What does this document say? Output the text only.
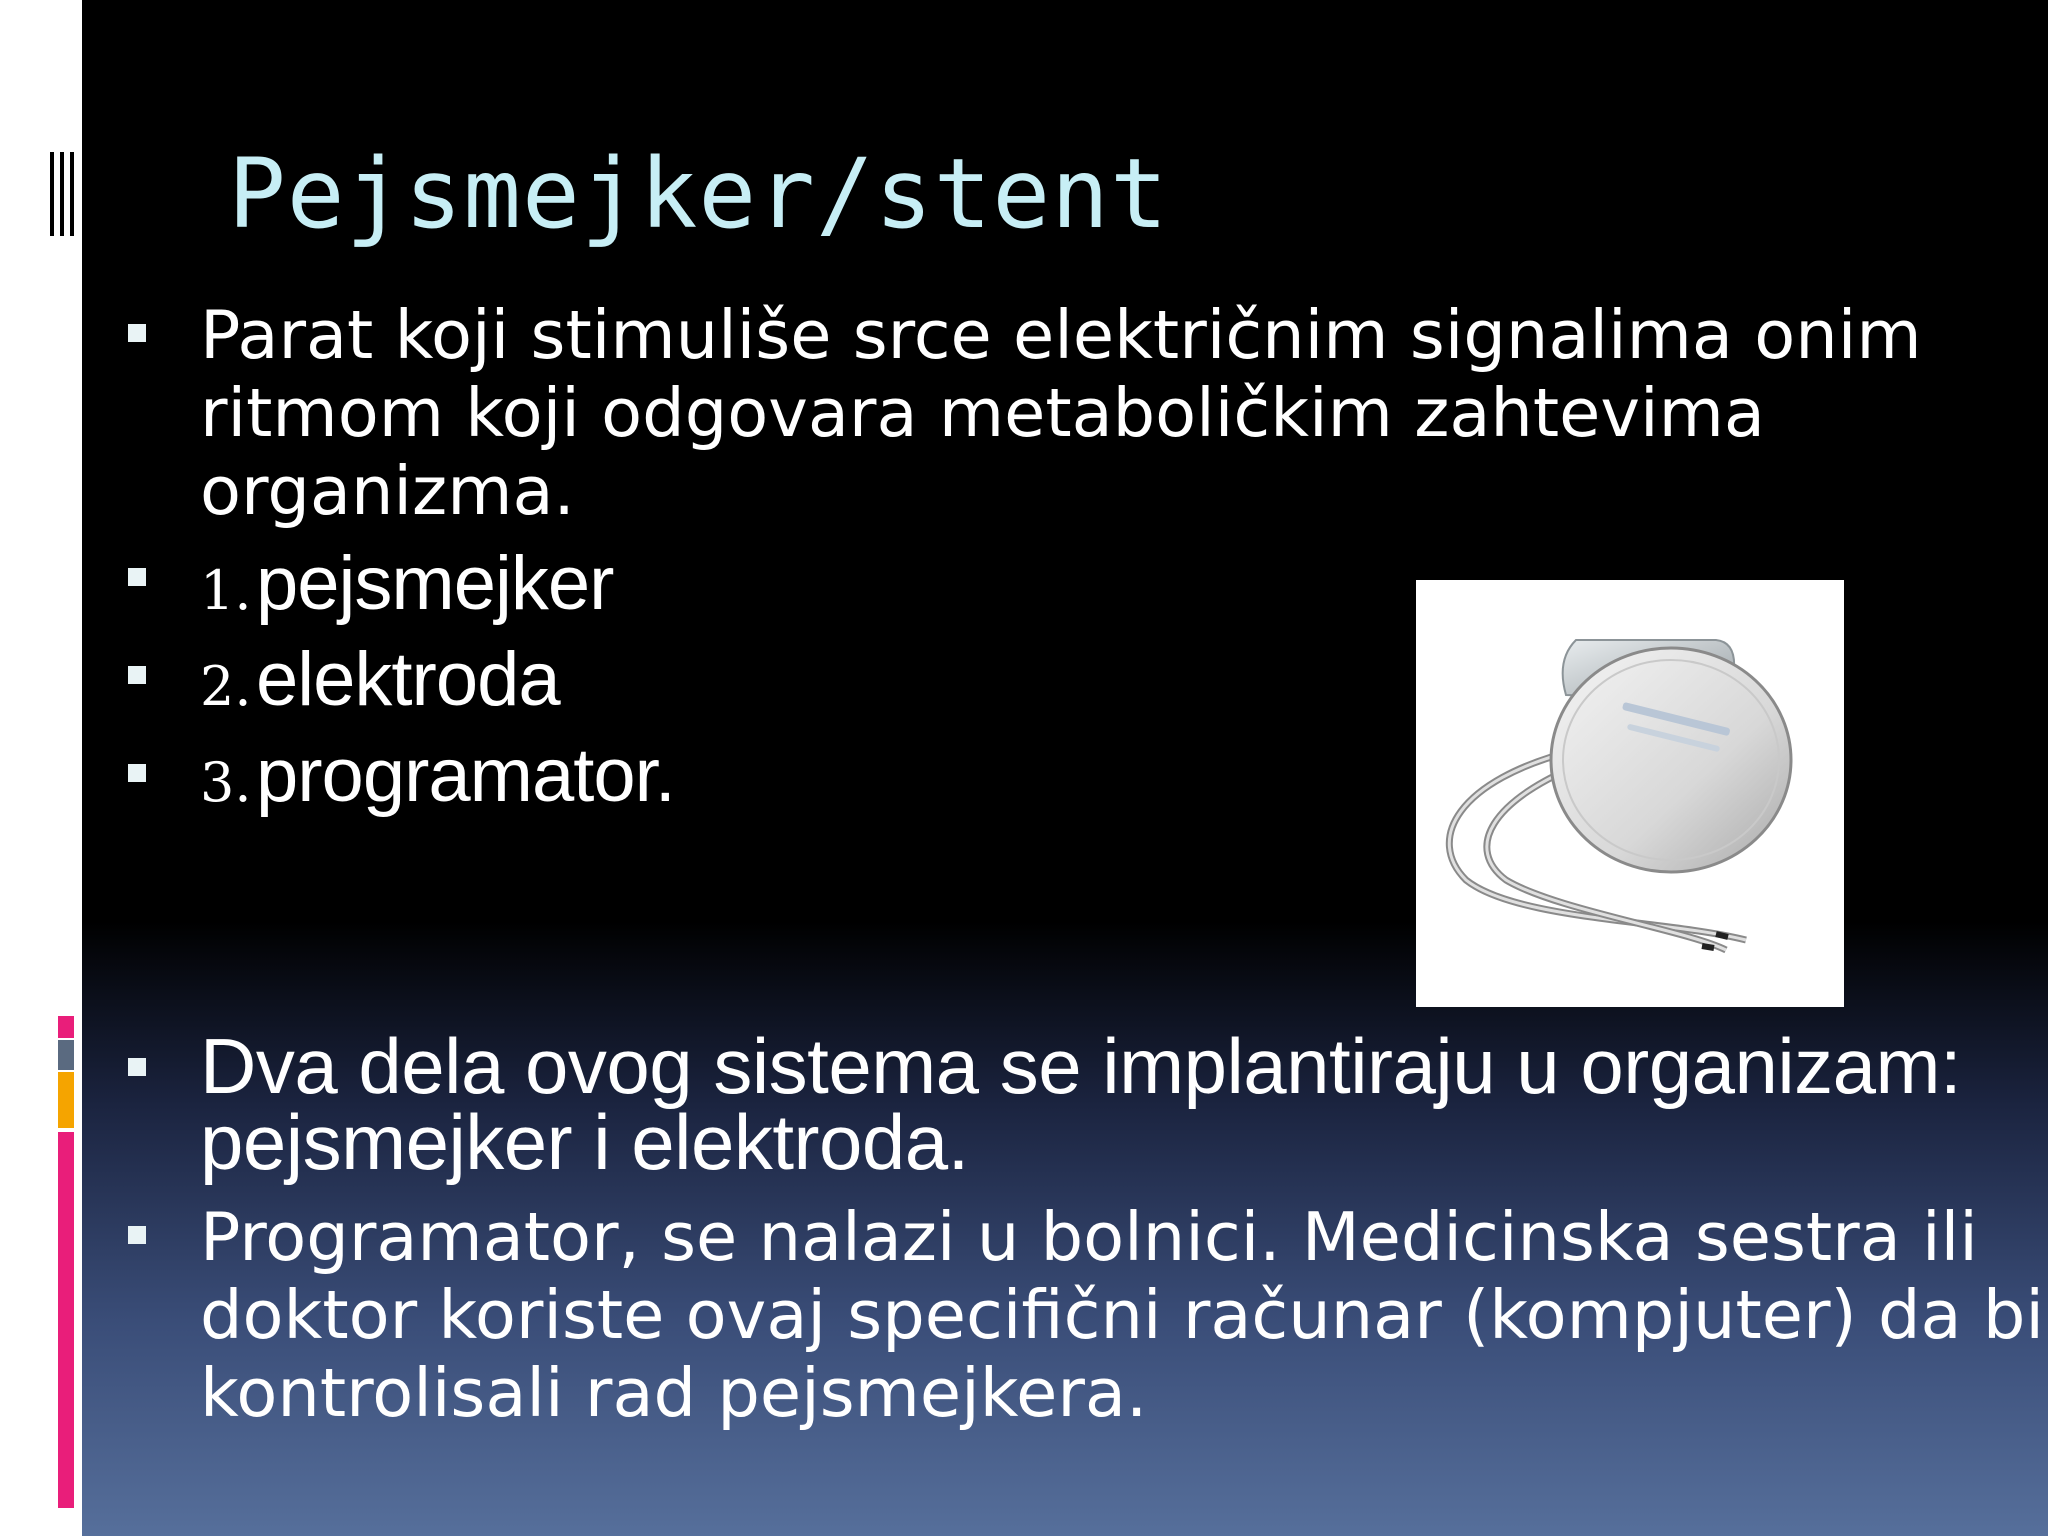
Pejsmejker/stent
Parat koji stimuliše srce električnim signalima onim
ritmom koji odgovara metaboličkim zahtevima
organizma.
1. pejsmejker
2. elektroda
3. programator.
Dva dela ovog sistema se implantiraju u organizam:
pejsmejker i elektroda.
Programator, se nalazi u bolnici. Medicinska sestra ili
doktor koriste ovaj specifični računar (kompjuter) da bi
kontrolisali rad pejsmejkera.
